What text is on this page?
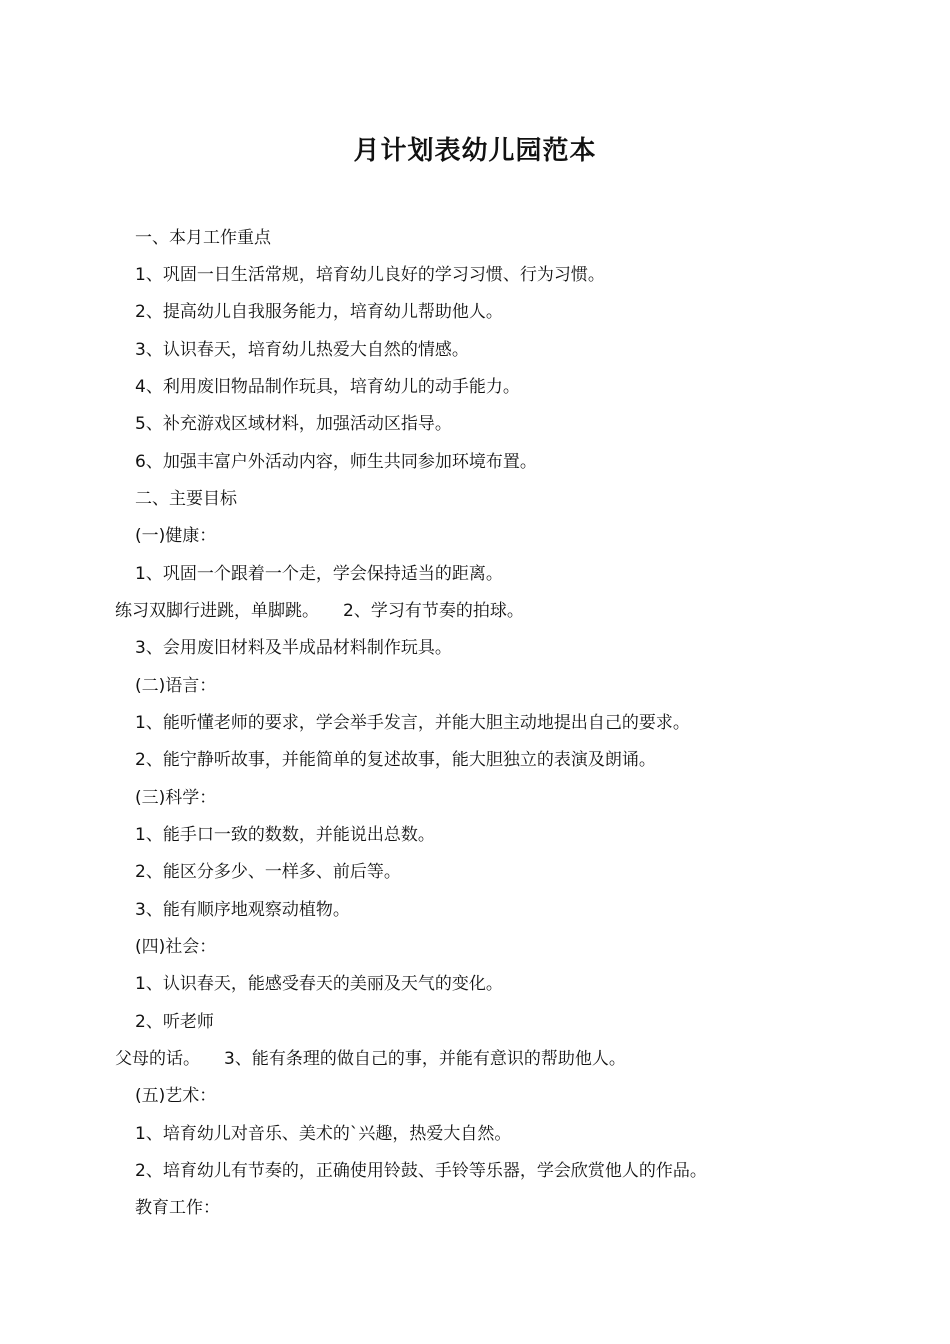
月计划表幼儿园范本
一、本月工作重点
1、巩固一日生活常规，培育幼儿良好的学习习惯、行为习惯。
2、提高幼儿自我服务能力，培育幼儿帮助他人。
3、认识春天，培育幼儿热爱大自然的情感。
4、利用废旧物品制作玩具，培育幼儿的动手能力。
5、补充游戏区域材料，加强活动区指导。
6、加强丰富户外活动内容，师生共同参加环境布置。
二、主要目标
(一)健康：
1、巩固一个跟着一个走，学会保持适当的距离。
练习双脚行进跳，单脚跳。 2、学习有节奏的拍球。
3、会用废旧材料及半成品材料制作玩具。
(二)语言：
1、能听懂老师的要求，学会举手发言，并能大胆主动地提出自己的要求。
2、能宁静听故事，并能简单的复述故事，能大胆独立的表演及朗诵。
(三)科学：
1、能手口一致的数数，并能说出总数。
2、能区分多少、一样多、前后等。
3、能有顺序地观察动植物。
(四)社会：
1、认识春天，能感受春天的美丽及天气的变化。
2、听老师
父母的话。 3、能有条理的做自己的事，并能有意识的帮助他人。
(五)艺术：
1、培育幼儿对音乐、美术的`兴趣，热爱大自然。
2、培育幼儿有节奏的，正确使用铃鼓、手铃等乐器，学会欣赏他人的作品。
教育工作：
